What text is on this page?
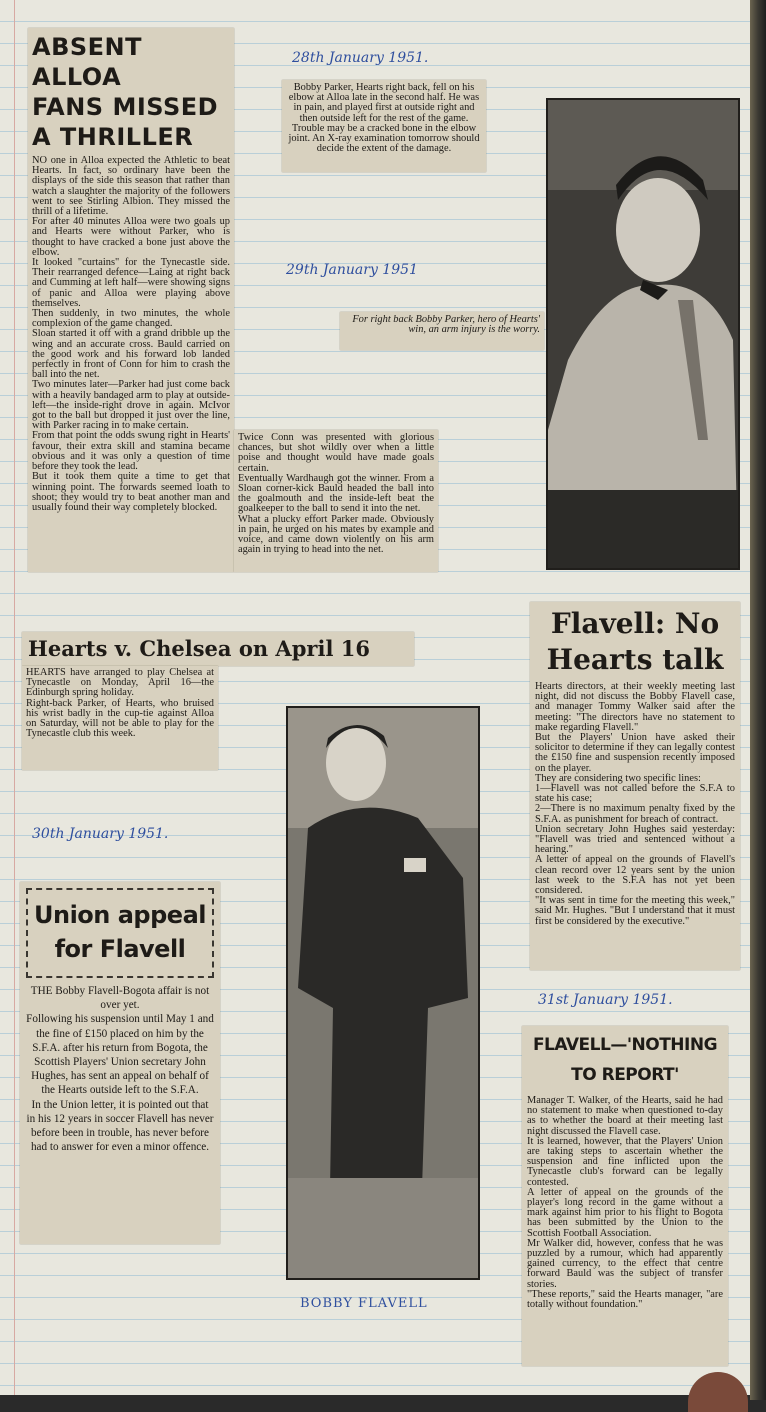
ABSENT ALLOA
FANS MISSED
A THRILLER

NO one in Alloa expected the Athletic to beat Hearts. In fact, so ordinary have been the displays of the side this season that rather than watch a slaughter the majority of the followers went to see Stirling Albion. They missed the thrill of a lifetime.

For after 40 minutes Alloa were two goals up and Hearts were without Parker, who is thought to have cracked a bone just above the elbow.

It looked "curtains" for the Tynecastle side. Their rearranged defence—Laing at right back and Cumming at left half—were showing signs of panic and Alloa were playing above themselves.

Then suddenly, in two minutes, the whole complexion of the game changed.

Sloan started it off with a grand dribble up the wing and an accurate cross. Bauld carried on the good work and his forward lob landed perfectly in front of Conn for him to crash the ball into the net.

Two minutes later—Parker had just come back with a heavily bandaged arm to play at outside-left—the inside-right drove in again. McIvor got to the ball but dropped it just over the line, with Parker racing in to make certain.

From that point the odds swung right in Hearts' favour, their extra skill and stamina became obvious and it was only a question of time before they took the lead.

But it took them quite a time to get that winning point. The forwards seemed loath to shoot; they would try to beat another man and usually found their way completely blocked.

Twice Conn was presented with glorious chances, but shot wildly over when a little poise and thought would have made goals certain.

Eventually Wardhaugh got the winner. From a Sloan corner-kick Bauld headed the ball into the goalmouth and the inside-left beat the goalkeeper to the ball to send it into the net.

What a plucky effort Parker made. Obviously in pain, he urged on his mates by example and voice, and came down violently on his arm again in trying to head into the net.

28th January 1951.
29th January 1951
30th January 1951.
31st January 1951.

Bobby Parker, Hearts right back, fell on his elbow at Alloa late in the second half. He was in pain, and played first at outside right and then outside left for the rest of the game. Trouble may be a cracked bone in the elbow joint. An X-ray examination tomorrow should decide the extent of the damage.

For right back Bobby Parker, hero of Hearts' win, an arm injury is the worry.

Hearts v. Chelsea on April 16

HEARTS have arranged to play Chelsea at Tynecastle on Monday, April 16—the Edinburgh spring holiday.

Right-back Parker, of Hearts, who bruised his wrist badly in the cup-tie against Alloa on Saturday, will not be able to play for the Tynecastle club this week.

Union appeal
for Flavell

THE Bobby Flavell-Bogota affair is not over yet.

Following his suspension until May 1 and the fine of £150 placed on him by the S.F.A. after his return from Bogota, the Scottish Players' Union secretary John Hughes, has sent an appeal on behalf of the Hearts outside left to the S.F.A.

In the Union letter, it is pointed out that in his 12 years in soccer Flavell has never before been in trouble, has never before had to answer for even a minor offence.

BOBBY FLAVELL
Flavell: No
Hearts talk

Hearts directors, at their weekly meeting last night, did not discuss the Bobby Flavell case, and manager Tommy Walker said after the meeting: "The directors have no statement to make regarding Flavell."

But the Players' Union have asked their solicitor to determine if they can legally contest the £150 fine and suspension recently imposed on the player.

They are considering two specific lines:

1—Flavell was not called before the S.F.A to state his case;

2—There is no maximum penalty fixed by the S.F.A. as punishment for breach of contract.

Union secretary John Hughes said yesterday: "Flavell was tried and sentenced without a hearing."

A letter of appeal on the grounds of Flavell's clean record over 12 years sent by the union last week to the S.F.A has not yet been considered.

"It was sent in time for the meeting this week," said Mr. Hughes. "But I understand that it must first be considered by the executive."

FLAVELL—'NOTHING
TO REPORT'

Manager T. Walker, of the Hearts, said he had no statement to make when questioned to-day as to whether the board at their meeting last night discussed the Flavell case.

It is learned, however, that the Players' Union are taking steps to ascertain whether the suspension and fine inflicted upon the Tynecastle club's forward can be legally contested.

A letter of appeal on the grounds of the player's long record in the game without a mark against him prior to his flight to Bogota has been submitted by the Union to the Scottish Football Association.

Mr Walker did, however, confess that he was puzzled by a rumour, which had apparently gained currency, to the effect that centre forward Bauld was the subject of transfer stories.

"These reports," said the Hearts manager, "are totally without foundation."
